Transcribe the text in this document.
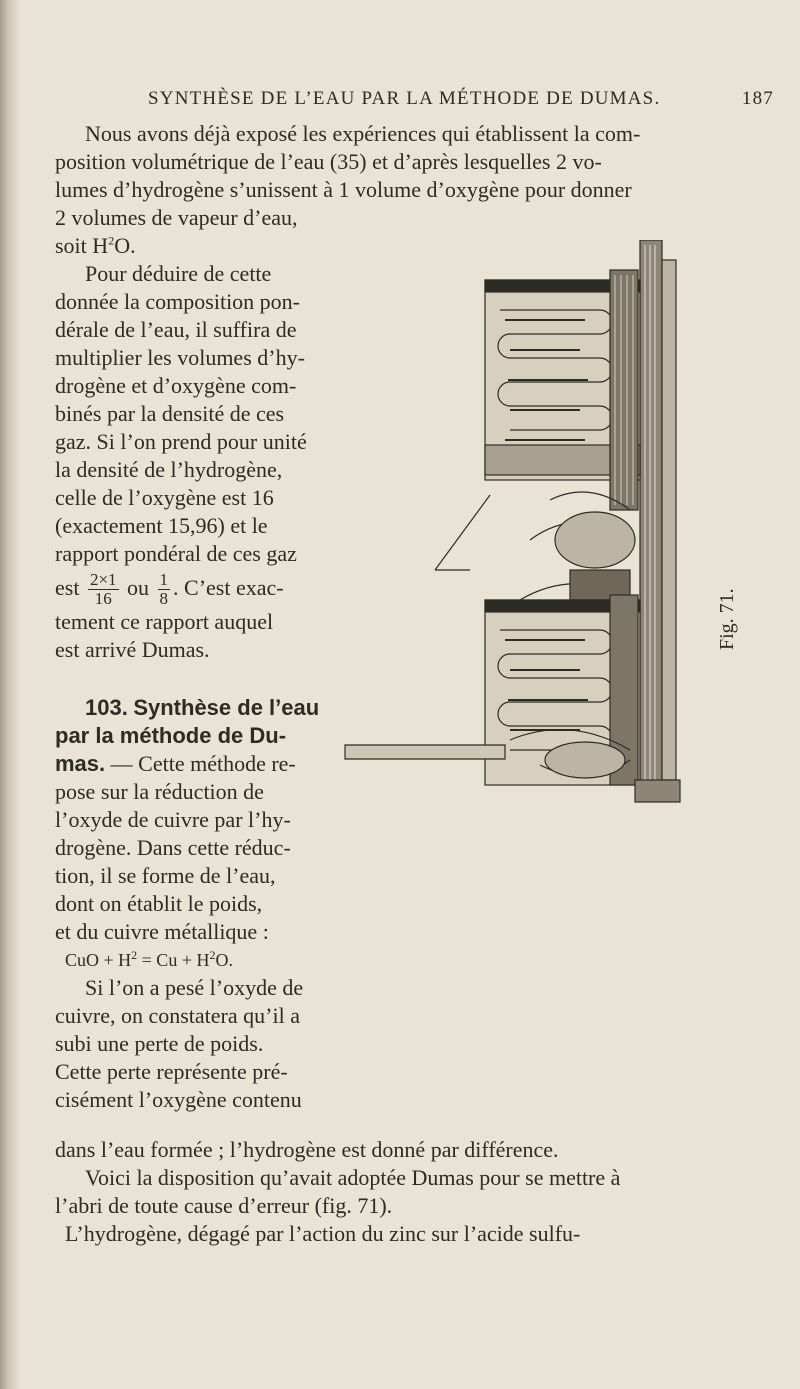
SYNTHÈSE DE L’EAU PAR LA MÉTHODE DE DUMAS.	187

Nous avons déjà exposé les expériences qui établissent la com-
position volumétrique de l’eau (35) et d’après lesquelles 2 vo-
lumes d’hydrogène s’unissent à 1 volume d’oxygène pour donner

2 volumes de vapeur d’eau,
soit $H^2O$.

Pour déduire de cette
donnée la composition pon-
dérale de l’eau, il suffira de
multiplier les volumes d’hy-
drogène et d’oxygène com-
binés par la densité de ces
gaz. Si l’on prend pour unité
la densité de l’hydrogène,
celle de l’oxygène est 16
(exactement 15,96) et le
rapport pondéral de ces gaz
est $\frac{2\times 1}{16}$ ou $\frac{1}{8}$ . C’est exac-
tement ce rapport auquel
est arrivé Dumas.

103. Synthèse de l’eau
par la méthode de Du-
mas. — Cette méthode re-
pose sur la réduction de
l’oxyde de cuivre par l’hy-
drogène. Dans cette réduc-
tion, il se forme de l’eau,
dont on établit le poids,
et du cuivre métallique :
CuO + $H^2 = Cu + H^2O$.
Si l’on a pesé l’oxyde de
cuivre, on constatera qu’il a
subi une perte de poids.
Cette perte représente pré-
cisément l’oxygène contenu

dans l’eau formée ; l’hydrogène est donné par différence.
Voici la disposition qu’avait adoptée Dumas pour se mettre à
l’abri de toute cause d’erreur (fig. 71).
L’hydrogène, dégagé par l’action du zinc sur l’acide sulfu-

Fig. 71.
